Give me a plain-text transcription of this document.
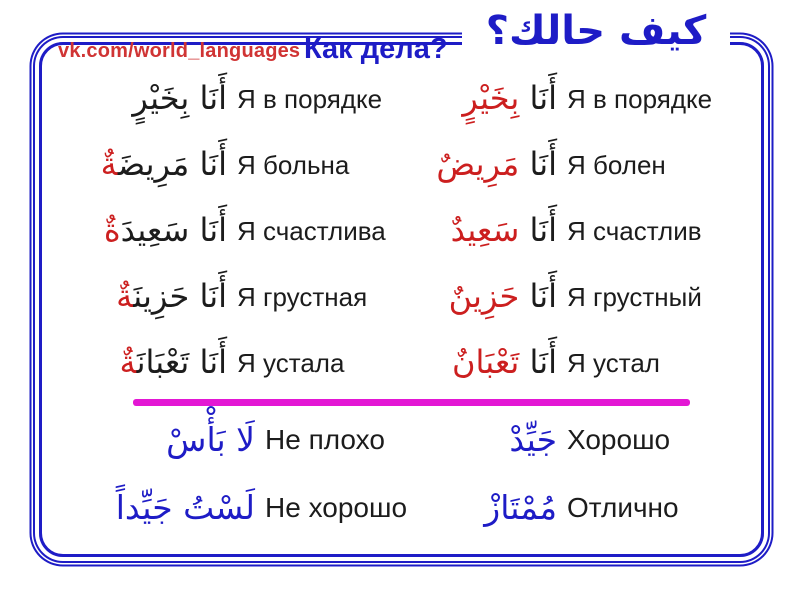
كيف حالك؟
vk.com/world_languages Как дела?
أَنَا بِخَيْرٍ Я в порядке	أَنَا بِخَيْرٍ	Я в порядке
أَنَا مَرِيضَةٌ	Я больна	أَنَا مَرِيضٌ	Я болен
أَنَا سَعِيدَةٌ	Я счастлива	أَنَا سَعِيدٌ	Я счастлив
أَنَا حَزِينَةٌ	Я грустная	أَنَا حَزِينٌ	Я грустный
أَنَا تَعْبَانَةٌ	Я устала	أَنَا تَعْبَانٌ	Я устал
لَا بَأْسْ Не плохо	جَيِّدْ Хорошо
لَسْتُ جَيِّداً Не хорошо	مُمْتَازْ Отлично
